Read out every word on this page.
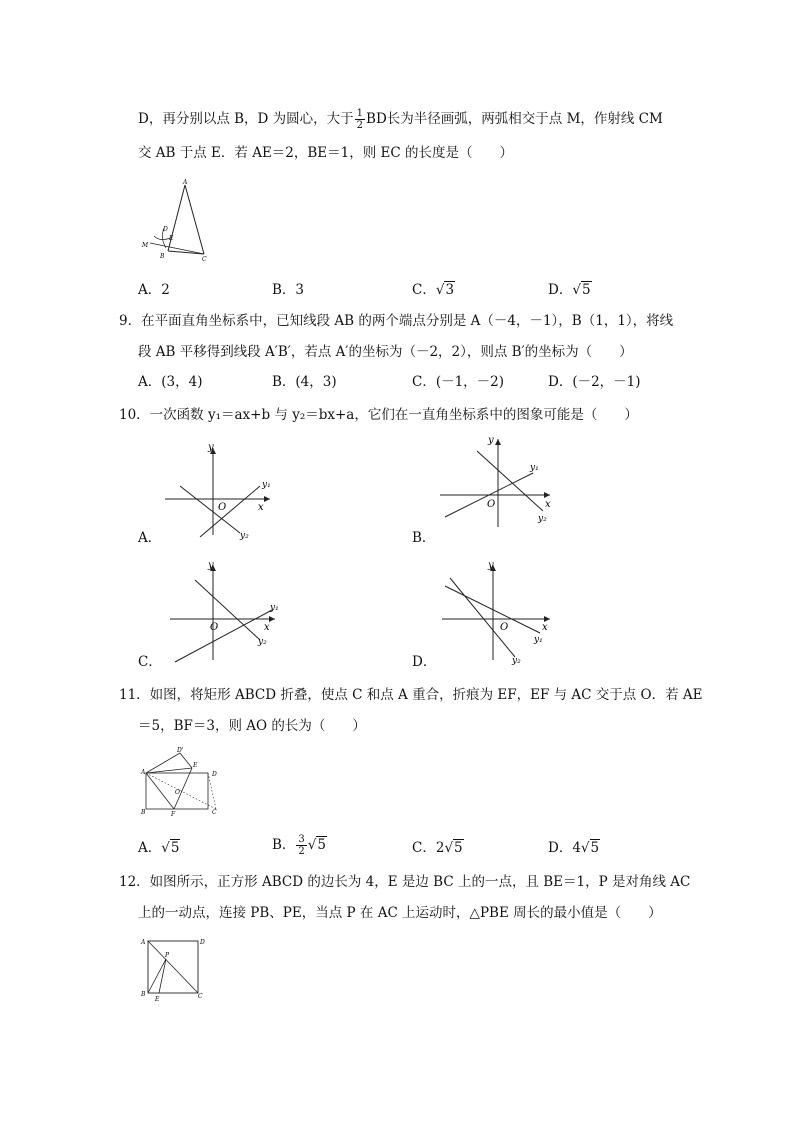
D，再分别以点 B，D 为圆心，大于 $\frac{1}{2}$ BD长为半径画弧，两弧相交于点 M，作射线 CM
交 AB 于点 E．若 AE＝2，BE＝1，则 EC 的长度是（　　）
A
D
E
M
B	C
A．2	B．3	C．√3	D．√5
9．在平面直角坐标系中，已知线段 AB 的两个端点分别是 A（－4，－1），B（1，1），将线
段 AB 平移得到线段 A′B′，若点 A′的坐标为（－2，2），则点 B′的坐标为（　　）
A．(3，4)	B．(4，3)	C．(－1，－2)	D．(－2，－1)
10．一次函数 y₁＝ax+b 与 y₂＝bx+a，它们在一直角坐标系中的图象可能是（　　）
y
x
O
y₁
y₂
A．
y
x
O
y₁
y₂
B．
y
x
O
y₁
y₂
C．
y
x
O
y₁
y₂
D．
11．如图，将矩形 ABCD 折叠，使点 C 和点 A 重合，折痕为 EF，EF 与 AC 交于点 O．若 AE
＝5，BF＝3，则 AO 的长为（　　）
A
B	C
D
D'
E
F
O
A．√5	B． $\frac{3}{2} √5$	C．2√5	D．4√5
12．如图所示，正方形 ABCD 的边长为 4，E 是边 BC 上的一点，且 BE＝1，P 是对角线 AC
上的一动点，连接 PB、PE，当点 P 在 AC 上运动时，△PBE 周长的最小值是（　　）
A	D
P
B
E	C
